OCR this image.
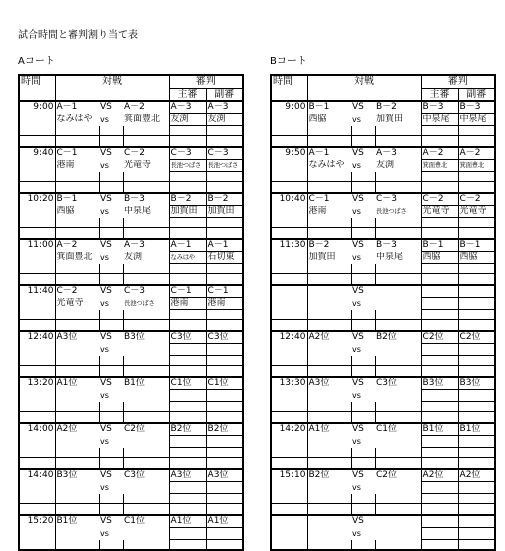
試合時間と審判割り当て表
Aコート	Bコート
時間	対戦			審判	
				主審	副審
9:00	A－1	VS	A－2	A－3	A－3
	なみはや	vs	箕面豊北	友渕	友渕

9:40	C－1	VS	C－2	C－3	C－3
	港南	vs	光竜寺	長池つばさ	長池つばさ

10:20	B－1	VS	B－3	B－2	B－2
	西脇	vs	中泉尾	加賀田	加賀田

11:00	A－2	VS	A－3	A－1	A－1
	箕面豊北	vs	友渕	なみはや	石切東

11:40	C－2	VS	C－3	C－1	C－1
	光竜寺	vs	長池つばさ	港南	港南

12:40	A3位	VS	B3位	C3位	C3位
		vs			

13:20	A1位	VS	B1位	C1位	C1位
		vs			

14:00	A2位	VS	C2位	B2位	B2位
		vs			

14:40	B3位	VS	C3位	A3位	A3位
		vs			

15:20	B1位	VS	C1位	A1位	A1位
		vs			

時間	対戦			審判	
				主審	副審
9:00	B－1	VS	B－2	B－3	B－3
	西脇	vs	加賀田	中泉尾	中泉尾

9:50	A－1	VS	A－3	A－2	A－2
	なみはや	vs	友渕	箕面豊北	箕面豊北

10:40	C－1	VS	C－3	C－2	C－2
	港南	vs	長池つばさ	光竜寺	光竜寺

11:30	B－2	VS	B－3	B－1	B－1
	加賀田	vs	中泉尾	西脇	西脇

		VS			
		vs			

12:40	A2位	VS	B2位	C2位	C2位
		vs			

13:30	A3位	VS	C3位	B3位	B3位
		vs			

14:20	A1位	VS	C1位	B1位	B1位
		vs			

15:10	B2位	VS	C2位	A2位	A2位
		vs			

		VS			
		vs			
